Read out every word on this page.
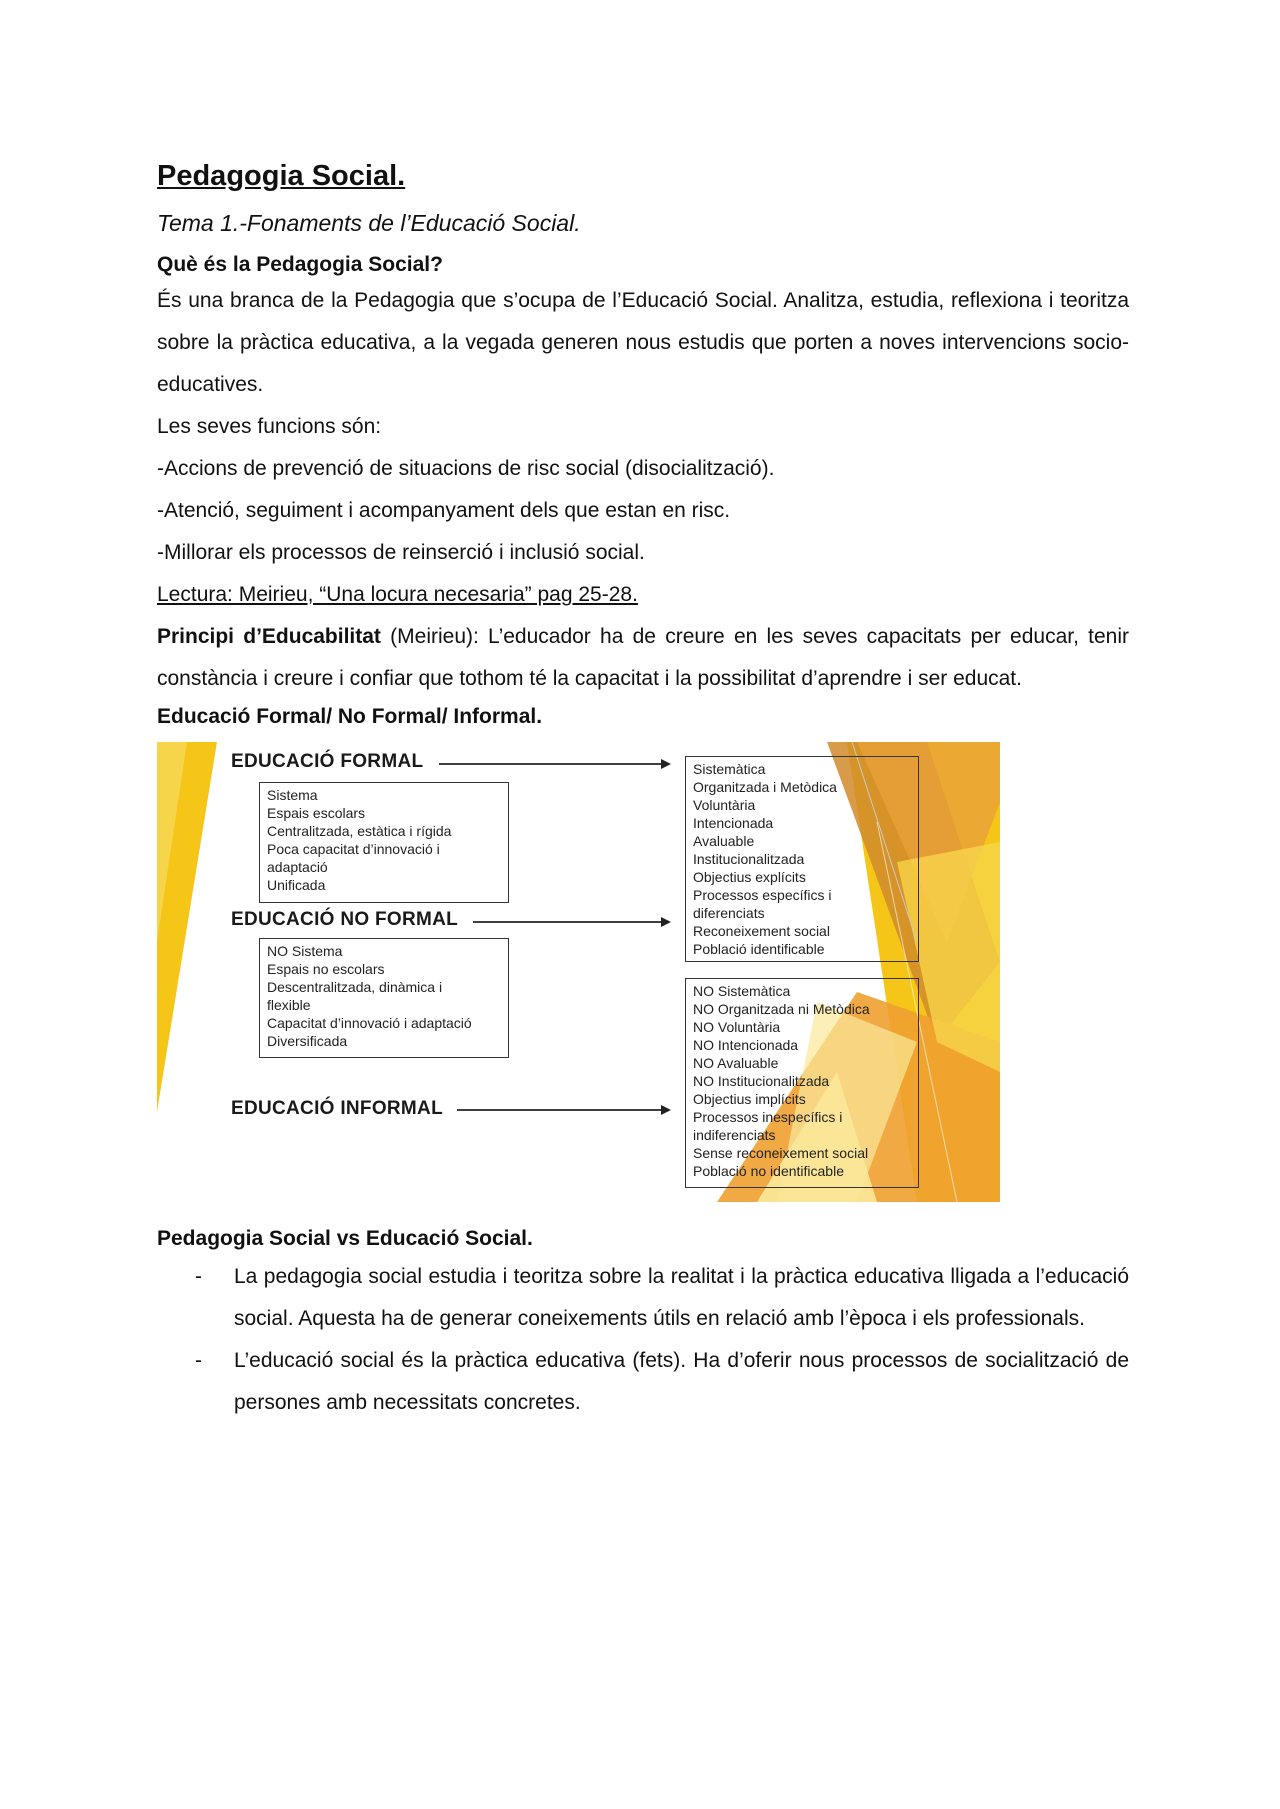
Pedagogia Social.
Tema 1.-Fonaments de l’Educació Social.
Què és la Pedagogia Social?

És una branca de la Pedagogia que s’ocupa de l’Educació Social. Analitza, estudia, reflexiona i teoritza sobre la pràctica educativa, a la vegada generen nous estudis que porten a noves intervencions socio-educatives.

Les seves funcions són:
-Accions de prevenció de situacions de risc social (disocialització).
-Atenció, seguiment i acompanyament dels que estan en risc.
-Millorar els processos de reinserció i inclusió social.
Lectura: Meirieu, “Una locura necesaria” pag 25-28.

Principi d’Educabilitat (Meirieu): L’educador ha de creure en les seves capacitats per educar, tenir constància i creure i confiar que tothom té la capacitat i la possibilitat d’aprendre i ser educat.

Educació Formal/ No Formal/ Informal.
EDUCACIÓ FORMAL
Sistema
Espais escolars
Centralitzada, estàtica i rígida
Poca capacitat d’innovació i
adaptació
Unificada
EDUCACIÓ NO FORMAL
NO Sistema
Espais no escolars
Descentralitzada, dinàmica i
flexible
Capacitat d’innovació i adaptació
Diversificada
EDUCACIÓ INFORMAL
Sistemàtica
Organitzada i Metòdica
Voluntària
Intencionada
Avaluable
Institucionalitzada
Objectius explícits
Processos específics i
diferenciats
Reconeixement social
Població identificable
NO Sistemàtica
NO Organitzada ni Metòdica
NO Voluntària
NO Intencionada
NO Avaluable
NO Institucionalitzada
Objectius implícits
Processos inespecífics i
indiferenciats
Sense reconeixement social
Població no identificable
Pedagogia Social vs Educació Social.
- La pedagogia social estudia i teoritza sobre la realitat i la pràctica educativa lligada a l’educació social. Aquesta ha de generar coneixements útils en relació amb l’època i els professionals.
- L’educació social és la pràctica educativa (fets). Ha d’oferir nous processos de socialització de persones amb necessitats concretes.
